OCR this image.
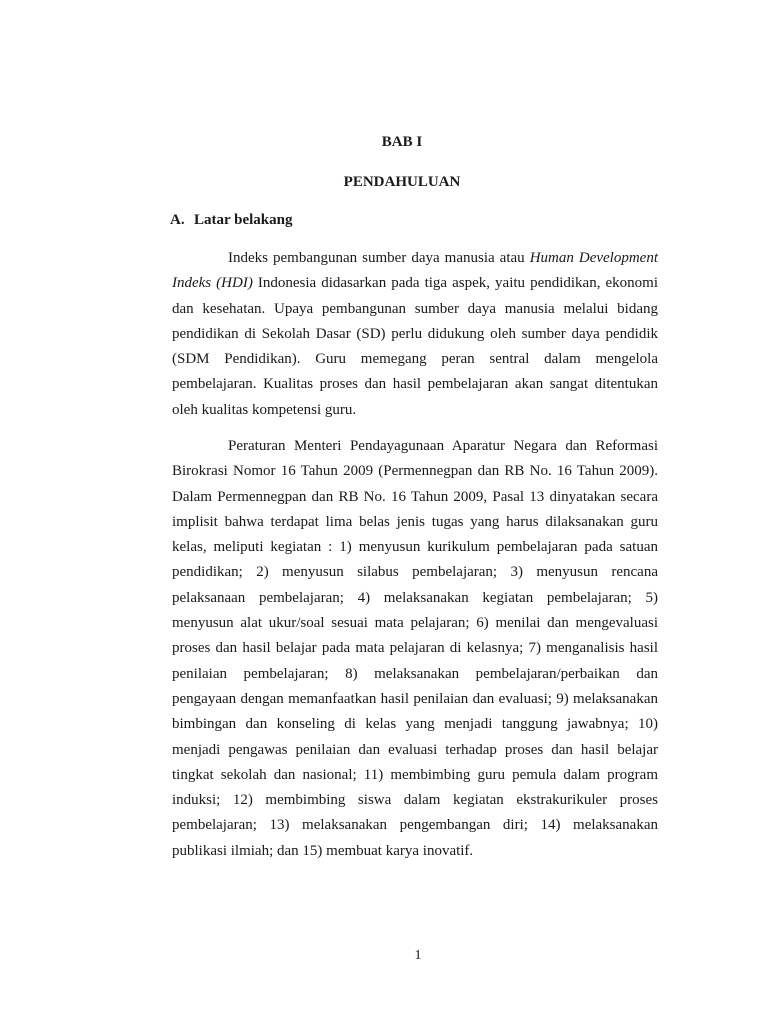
BAB I
PENDAHULUAN
A. Latar belakang

Indeks pembangunan sumber daya manusia atau Human Development Indeks (HDI) Indonesia didasarkan pada tiga aspek, yaitu pendidikan, ekonomi dan kesehatan. Upaya pembangunan sumber daya manusia melalui bidang pendidikan di Sekolah Dasar (SD) perlu didukung oleh sumber daya pendidik (SDM Pendidikan). Guru memegang peran sentral dalam mengelola pembelajaran. Kualitas proses dan hasil pembelajaran akan sangat ditentukan oleh kualitas kompetensi guru.

Peraturan Menteri Pendayagunaan Aparatur Negara dan Reformasi Birokrasi Nomor 16 Tahun 2009 (Permennegpan dan RB No. 16 Tahun 2009). Dalam Permennegpan dan RB No. 16 Tahun 2009, Pasal 13 dinyatakan secara implisit bahwa terdapat lima belas jenis tugas yang harus dilaksanakan guru kelas, meliputi kegiatan : 1) menyusun kurikulum pembelajaran pada satuan pendidikan; 2) menyusun silabus pembelajaran; 3) menyusun rencana pelaksanaan pembelajaran; 4) melaksanakan kegiatan pembelajaran; 5) menyusun alat ukur/soal sesuai mata pelajaran; 6) menilai dan mengevaluasi proses dan hasil belajar pada mata pelajaran di kelasnya; 7) menganalisis hasil penilaian pembelajaran; 8) melaksanakan pembelajaran/perbaikan dan pengayaan dengan memanfaatkan hasil penilaian dan evaluasi; 9) melaksanakan bimbingan dan konseling di kelas yang menjadi tanggung jawabnya; 10) menjadi pengawas penilaian dan evaluasi terhadap proses dan hasil belajar tingkat sekolah dan nasional; 11) membimbing guru pemula dalam program induksi; 12) membimbing siswa dalam kegiatan ekstrakurikuler proses pembelajaran; 13) melaksanakan pengembangan diri; 14) melaksanakan publikasi ilmiah; dan 15) membuat karya inovatif.

1
